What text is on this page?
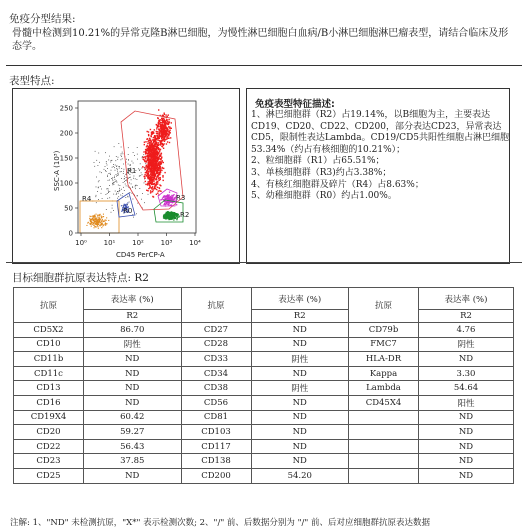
免疫分型结果:
骨髓中检测到10.21%的异常克隆B淋巴细胞，为慢性淋巴细胞白血病/B小淋巴细胞淋巴瘤表型，请结合临床及形态学。
表型特点:
R1
R3
R2
R4
R0
0
50
100
150
200
250
10⁰ 10¹ 10² 10³ 10⁴
SSC-A (10³)
CD45 PerCP-A
免疫表型特征描述:
1、淋巴细胞群（R2）占19.14%，以B细胞为主，主要表达CD19、CD20、CD22、CD200，部分表达CD23，异常表达CD5，限制性表达Lambda。CD19/CD5共阳性细胞占淋巴细胞53.34%（约占有核细胞的10.21%）；
2、粒细胞群（R1）占65.51%；
3、单核细胞群（R3)约占3.38%；
4、有核红细胞群及碎片（R4）占8.63%；
5、幼稚细胞群（R0）约占1.00%。
目标细胞群抗原表达特点: R2
抗原	表达率 (%)	抗原	表达率 (%)	抗原	表达率 (%)
	R2		R2		R2
CD5X2	86.70	CD27	ND	CD79b	4.76
CD10	阴性	CD28	ND	FMC7	阴性
CD11b	ND	CD33	阴性	HLA-DR	ND
CD11c	ND	CD34	ND	Kappa	3.30
CD13	ND	CD38	阴性	Lambda	54.64
CD16	ND	CD56	ND	CD45X4	阳性
CD19X4	60.42	CD81	ND		ND
CD20	59.27	CD103	ND		ND
CD22	56.43	CD117	ND		ND
CD23	37.85	CD138	ND		ND
CD25	ND	CD200	54.20		ND
注解: 1、"ND" 未检测抗原，"X*" 表示检测次数; 2、"/" 前、后数据分别为 "/" 前、后对应细胞群抗原表达数据
